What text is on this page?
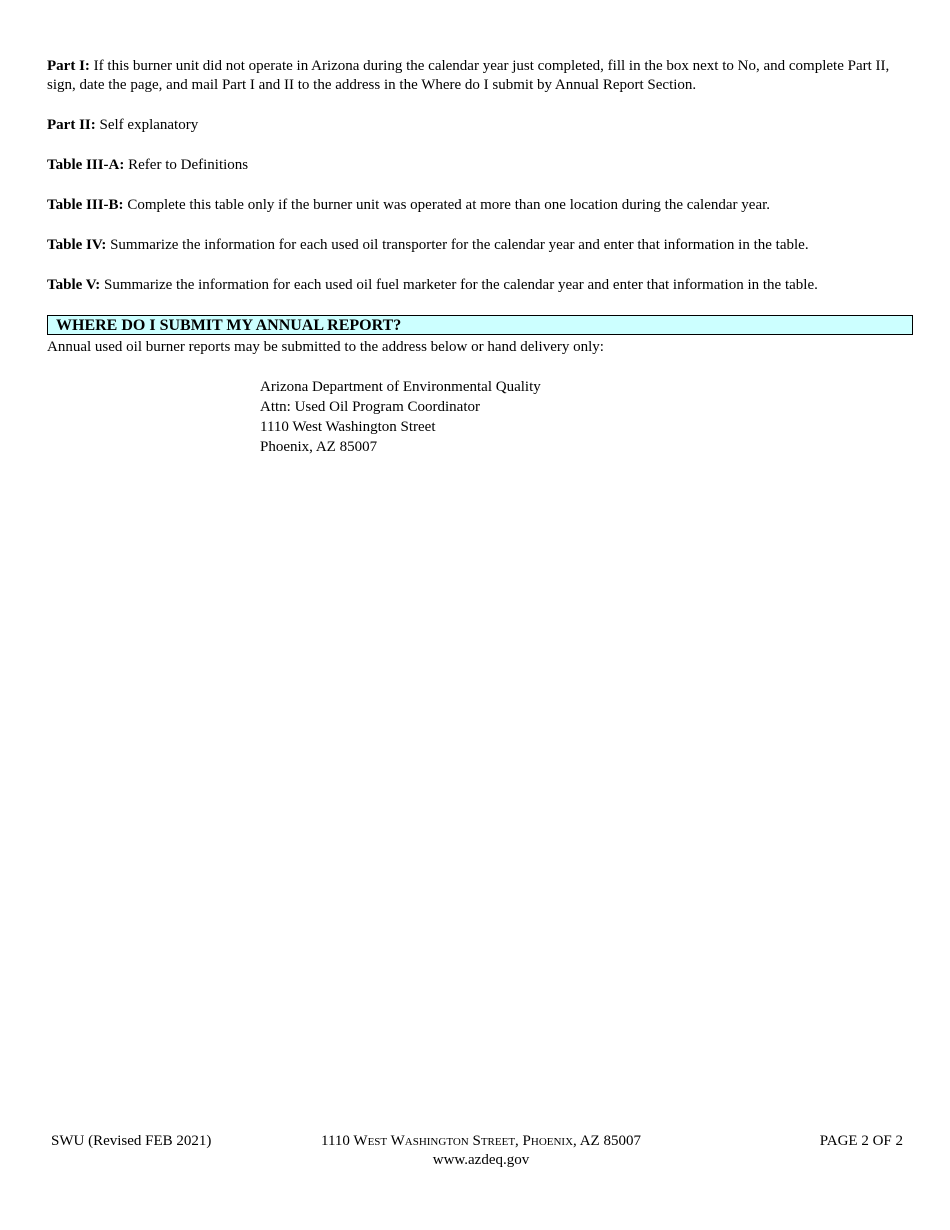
Part I: If this burner unit did not operate in Arizona during the calendar year just completed, fill in the box next to No, and complete Part II, sign, date the page, and mail Part I and II to the address in the Where do I submit by Annual Report Section.

Part II: Self explanatory

Table III-A: Refer to Definitions

Table III-B: Complete this table only if the burner unit was operated at more than one location during the calendar year.

Table IV: Summarize the information for each used oil transporter for the calendar year and enter that information in the table.

Table V: Summarize the information for each used oil fuel marketer for the calendar year and enter that information in the table.

WHERE DO I SUBMIT MY ANNUAL REPORT?

Annual used oil burner reports may be submitted to the address below or hand delivery only:

Arizona Department of Environmental Quality
Attn: Used Oil Program Coordinator
1110 West Washington Street
Phoenix, AZ 85007
SWU (Revised FEB 2021)	1110 West Washington Street, Phoenix, AZ 85007
www.azdeq.gov
PAGE 2 OF 2
